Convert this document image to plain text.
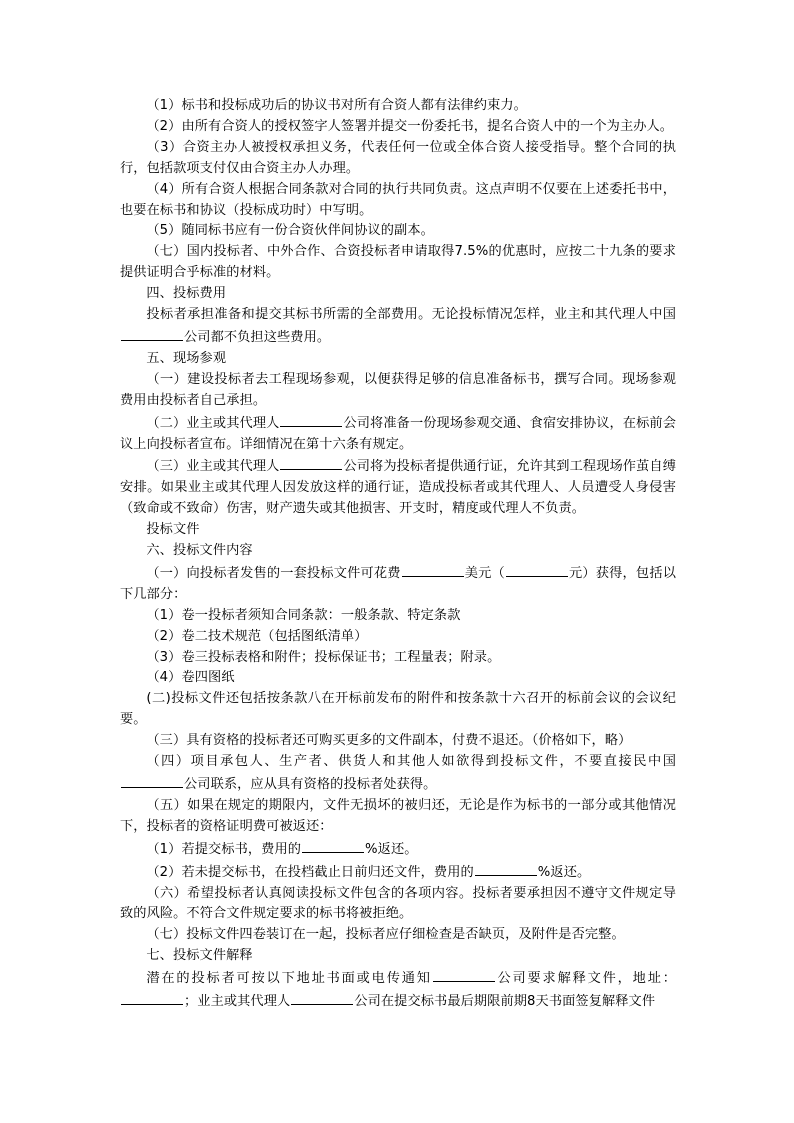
（1）标书和投标成功后的协议书对所有合资人都有法律约束力。

（2）由所有合资人的授权签字人签署并提交一份委托书，提名合资人中的一个为主办人。

（3）合资主办人被授权承担义务，代表任何一位或全体合资人接受指导。整个合同的执行，包括款项支付仅由合资主办人办理。

（4）所有合资人根据合同条款对合同的执行共同负责。这点声明不仅要在上述委托书中，也要在标书和协议（投标成功时）中写明。

（5）随同标书应有一份合资伙伴间协议的副本。

（七）国内投标者、中外合作、合资投标者申请取得7.5%的优惠时，应按二十九条的要求提供证明合乎标准的材料。

四、投标费用

投标者承担准备和提交其标书所需的全部费用。无论投标情况怎样，业主和其代理人中国公司都不负担这些费用。

五、现场参观

（一）建设投标者去工程现场参观，以便获得足够的信息准备标书，撰写合同。现场参观费用由投标者自己承担。

（二）业主或其代理人	公司将准备一份现场参观交通、食宿安排协议，在标前会议上向投标者宣布。详细情况在第十六条有规定。

（三）业主或其代理人	公司将为投标者提供通行证，允许其到工程现场作茧自缚安排。如果业主或其代理人因发放这样的通行证，造成投标者或其代理人、人员遭受人身侵害（致命或不致命）伤害，财产遗失或其他损害、开支时，精度或代理人不负责。

投标文件

六、投标文件内容

（一）向投标者发售的一套投标文件可花费	美元（	元）获得，包括以下几部分：

（1）卷一投标者须知合同条款：一般条款、特定条款

（2）卷二技术规范（包括图纸清单）

（3）卷三投标表格和附件；投标保证书；工程量表；附录。

（4）卷四图纸

(二)投标文件还包括按条款八在开标前发布的附件和按条款十六召开的标前会议的会议纪要。

（三）具有资格的投标者还可购买更多的文件副本，付费不退还。（价格如下，略）

（四）项目承包人、生产者、供货人和其他人如欲得到投标文件，不要直接民中国公司联系，应从具有资格的投标者处获得。

（五）如果在规定的期限内，文件无损坏的被归还，无论是作为标书的一部分或其他情况下，投标者的资格证明费可被返还：

（1）若提交标书，费用的	%返还。

（2）若未提交标书，在投档截止日前归还文件，费用的	%返还。

（六）希望投标者认真阅读投标文件包含的各项内容。投标者要承担因不遵守文件规定导致的风险。不符合文件规定要求的标书将被拒绝。

（七）投标文件四卷装订在一起，投标者应仔细检查是否缺页，及附件是否完整。

七、投标文件解释

潜在的投标者可按以下地址书面或电传通知	公司要求解释文件，地址：；业主或其代理人	公司在提交标书最后期限前期8天书面签复解释文件
